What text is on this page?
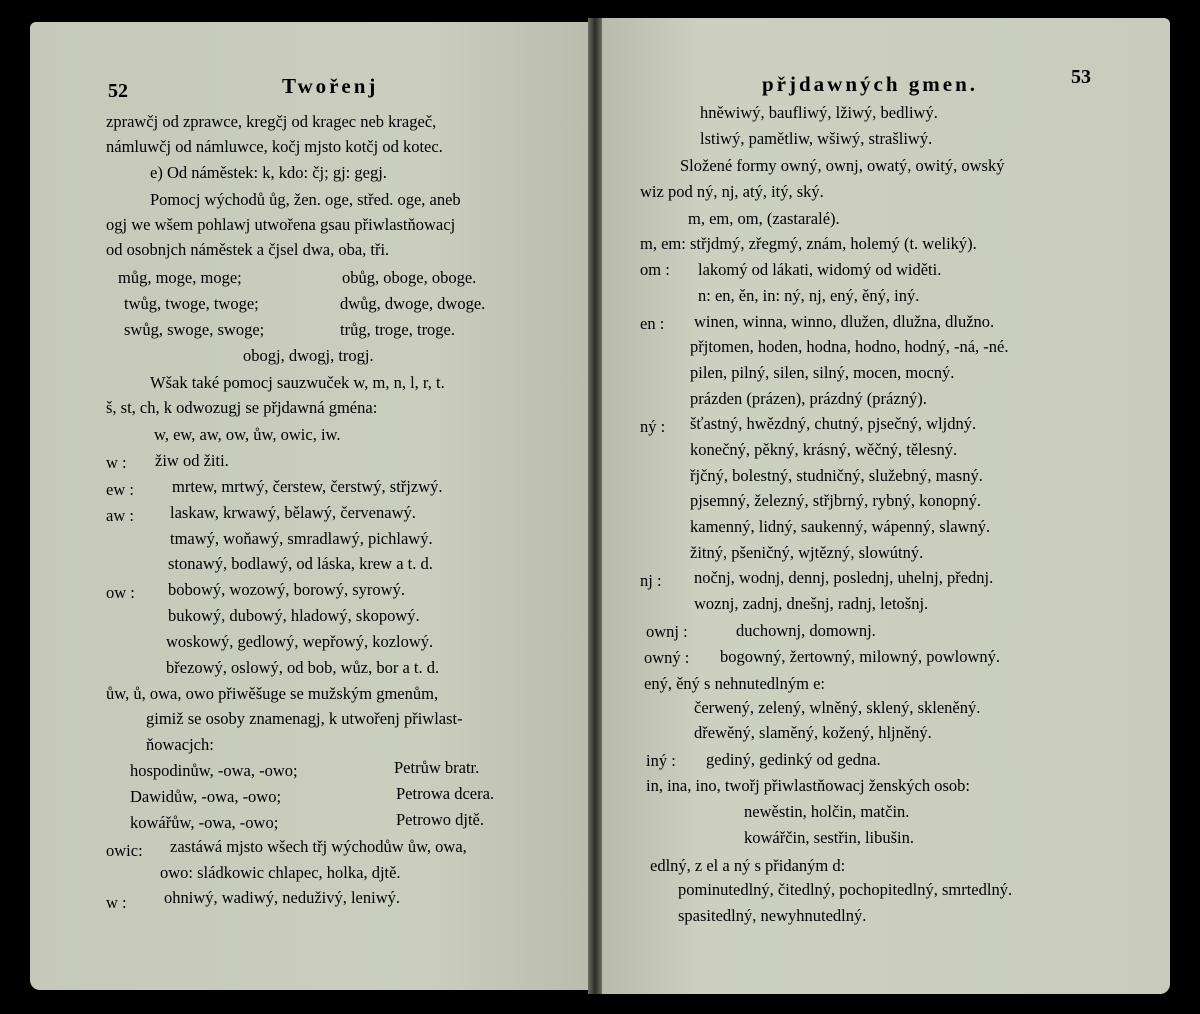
52	Twořenj
zprawčj od zprawce, kregčj od kragec neb krageč,
námluwčj od námluwce, kočj mjsto kotčj od kotec.
e) Od náměstek: k, kdo: čj; gj: gegj.
Pomocj wýchodů ůg, žen. oge, střed. oge, aneb
ogj we wšem pohlawj utwořena gsau přiwlastňowacj
od osobnjch náměstek a čjsel dwa, oba, tři.
můg, moge, moge;	obůg, oboge, oboge.
twůg, twoge, twoge;	dwůg, dwoge, dwoge.
swůg, swoge, swoge;	trůg, troge, troge.
obogj, dwogj, trogj.
Wšak také pomocj sauzwuček w, m, n, l, r, t.
š, st, ch, k odwozugj se přjdawná gména:
w, ew, aw, ow, ůw, owic, iw.
w : žiw od žiti.
ew : mrtew, mrtwý, čerstew, čerstwý, střjzwý.
aw : laskaw, krwawý, bělawý, červenawý.
tmawý, woňawý, smradlawý, pichlawý.
stonawý, bodlawý, od láska, krew a t. d.
ow : bobowý, wozowý, borowý, syrowý.
bukowý, dubowý, hladowý, skopowý.
woskowý, gedlowý, wepřowý, kozlowý.
březowý, oslowý, od bob, wůz, bor a t. d.
ůw, ů, owa, owo přiwěšuge se mužským gmenům,
gimiž se osoby znamenagj, k utwořenj přiwlast-
ňowacjch:
hospodinůw, -owa, -owo;	Petrůw bratr.
Dawidůw, -owa, -owo;	Petrowa dcera.
kowářůw, -owa, -owo;	Petrowo djtě.
owic: zastáwá mjsto wšech třj wýchodůw ůw, owa,
owo: sládkowic chlapec, holka, djtě.
w : ohniwý, wadiwý, neduživý, leniwý.
přjdawných gmen.	53
hněwiwý, baufliwý, lžiwý, bedliwý.
lstiwý, pamětliw, wšiwý, strašliwý.
Složené formy owný, ownj, owatý, owitý, owský
wiz pod ný, nj, atý, itý, ský.
m, em, om, (zastaralé).
m, em: střjdmý, zřegmý, znám, holemý (t. weliký).
om : lakomý od lákati, widomý od widěti.
n: en, ěn, in: ný, nj, ený, ěný, iný.
en : winen, winna, winno, dlužen, dlužna, dlužno.
přjtomen, hoden, hodna, hodno, hodný, -ná, -né.
pilen, pilný, silen, silný, mocen, mocný.
prázden (prázen), prázdný (prázný).
ný : šťastný, hwězdný, chutný, pjsečný, wljdný.
konečný, pěkný, krásný, wěčný, tělesný.
řjčný, bolestný, studničný, služebný, masný.
pjsemný, železný, střjbrný, rybný, konopný.
kamenný, lidný, saukenný, wápenný, slawný.
žitný, pšeničný, wjtězný, slowútný.
nj : nočnj, wodnj, dennj, poslednj, uhelnj, přednj.
woznj, zadnj, dnešnj, radnj, letošnj.
ownj :	duchownj, domownj.
owný : bogowný, žertowný, milowný, powlowný.
ený, ěný s nehnutedlným e:
čerwený, zelený, wlněný, sklený, skleněný.
dřewěný, slaměný, kožený, hljněný.
iný : gediný, gedinký od gedna.
in, ina, ino, twořj přiwlastňowacj ženských osob:
newěstin, holčin, matčin.
kowářčin, sestřin, libušin.
edlný, z el a ný s přidaným d:
pominutedlný, čitedlný, pochopitedlný, smrtedlný.
spasitedlný, newyhnutedlný.
